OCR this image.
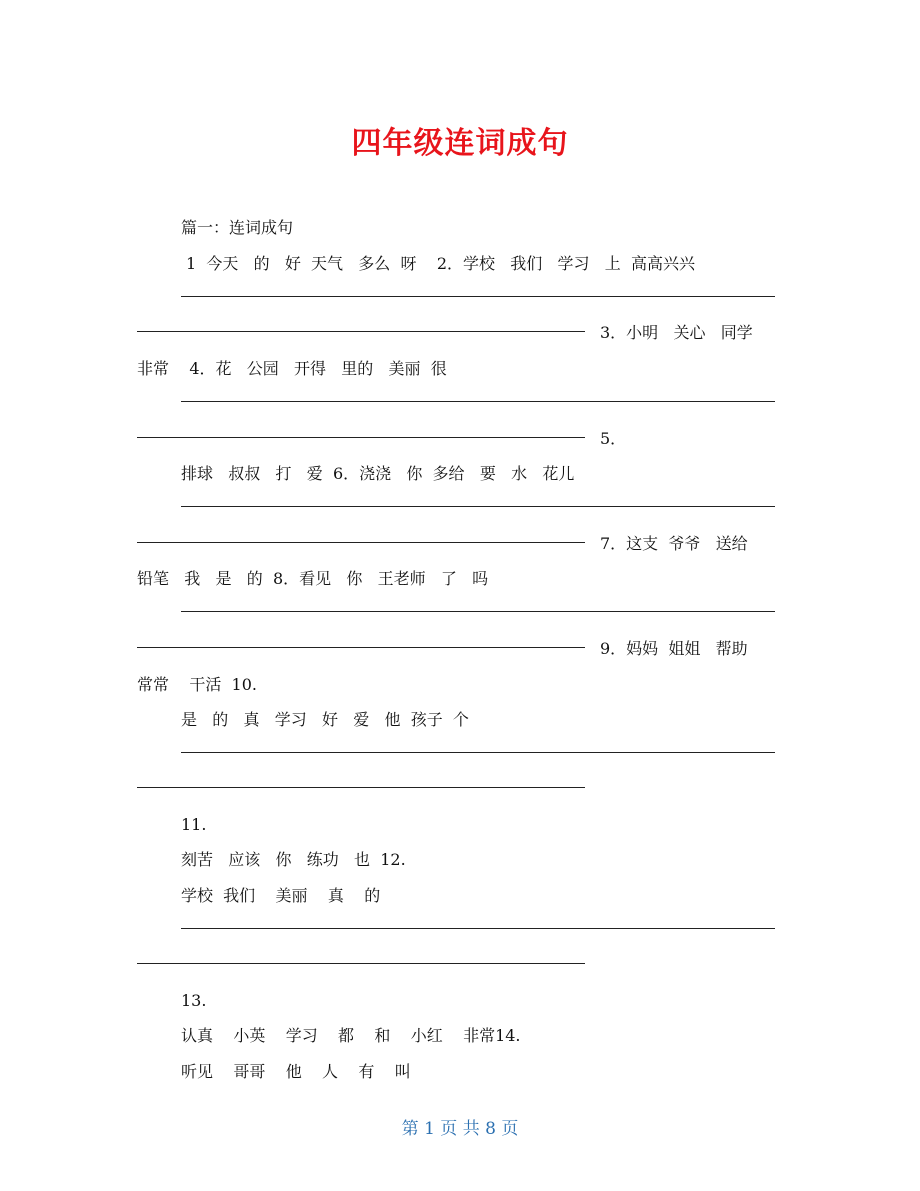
四年级连词成句
篇一：连词成句
1  今天   的   好  天气   多么  呀    2．学校   我们   学习   上  高高兴兴
3．小明   关心   同学
非常    4．花   公园   开得   里的   美丽  很
5．
排球   叔叔   打   爱  6．浇浇   你  多给   要   水   花儿
7．这支  爷爷   送给
铅笔   我   是   的  8．看见   你   王老师   了   吗
9．妈妈  姐姐   帮助
常常    干活  10.
是   的   真   学习   好   爱   他  孩子  个
11.
刻苦   应该   你   练功   也  12.
学校  我们    美丽    真    的
13.
认真    小英    学习    都    和    小红    非常14.
听见    哥哥    他    人    有    叫
第 1 页 共 8 页
